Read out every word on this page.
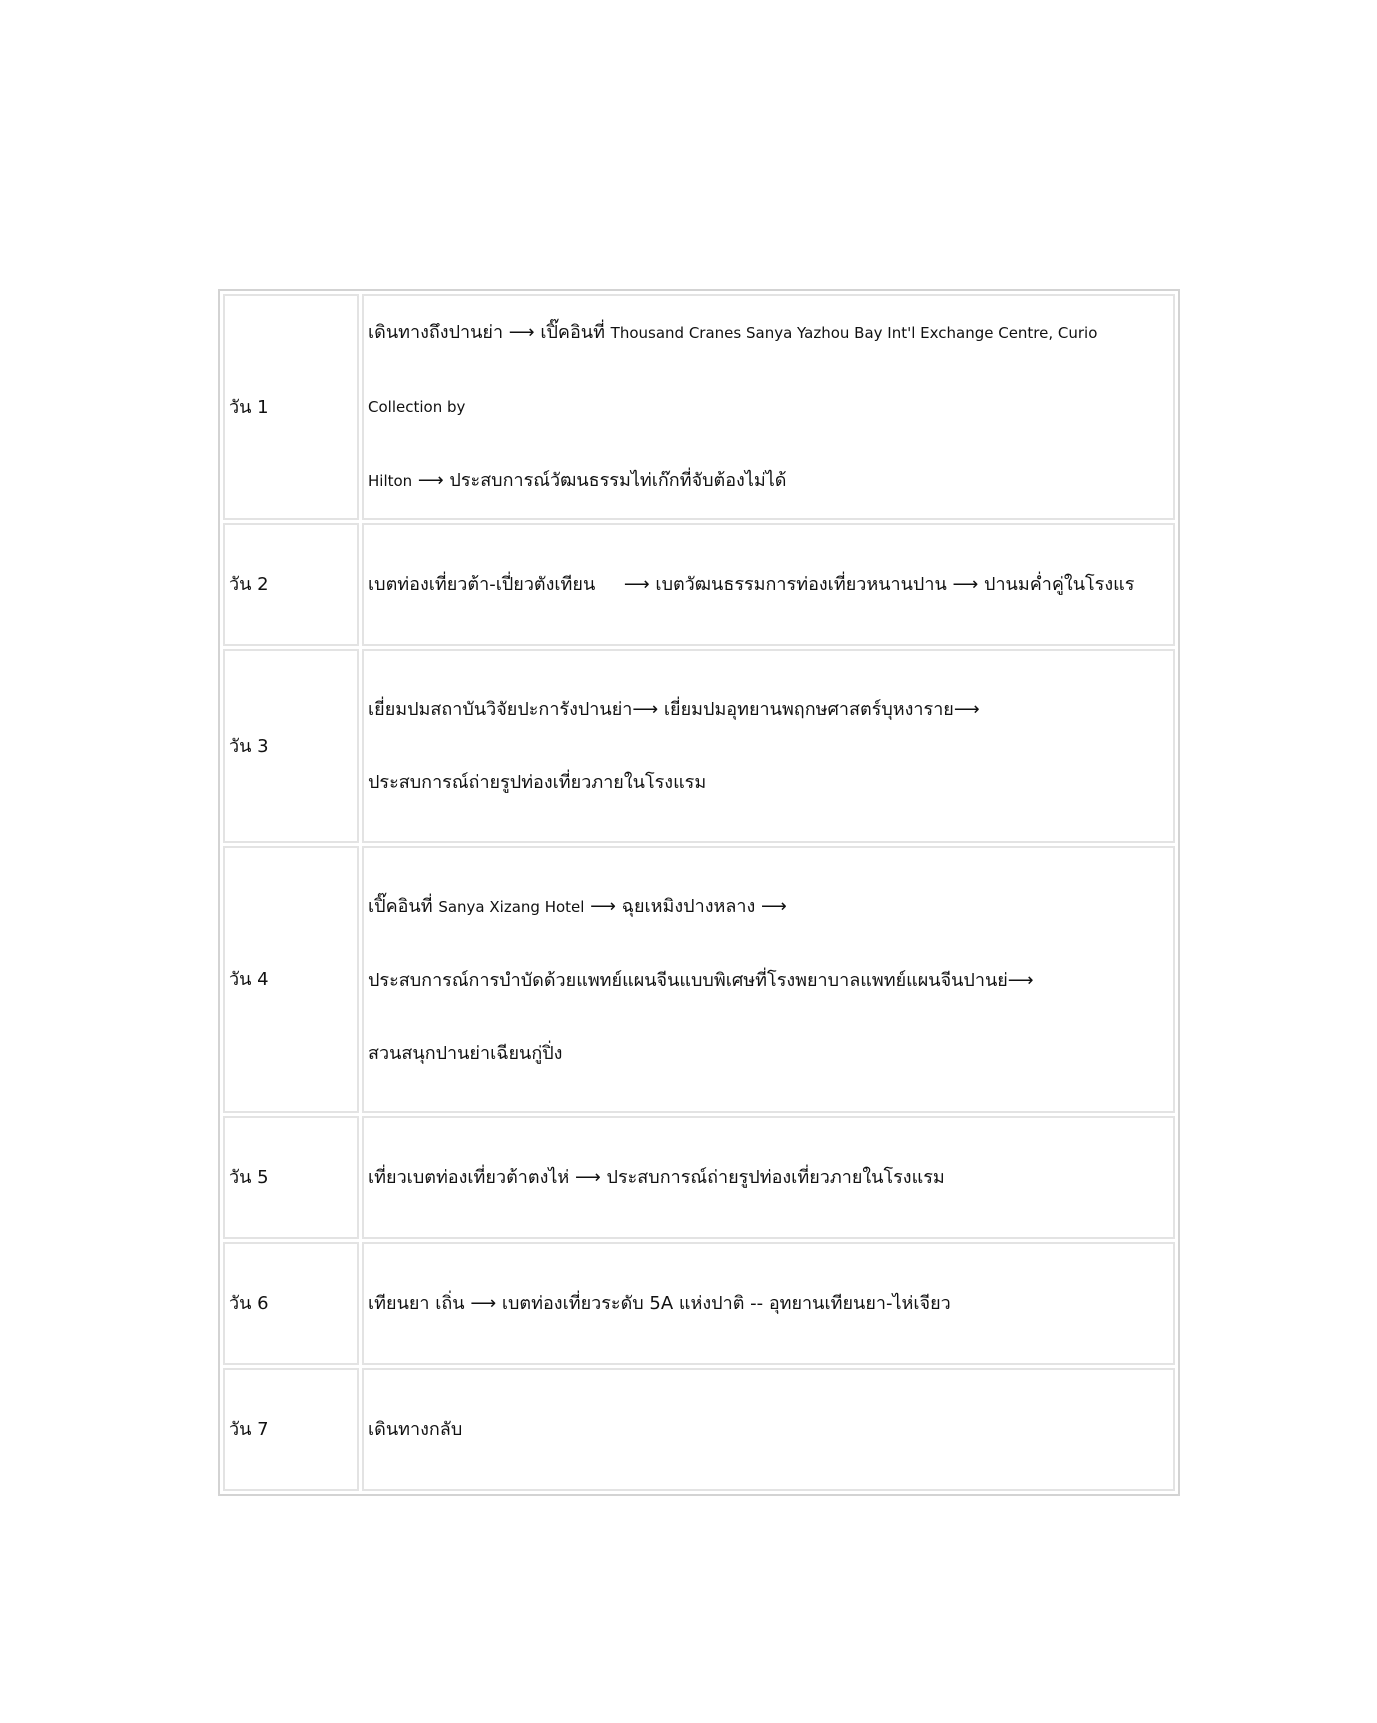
วัน 1	เดินทางถึงปานย่า ⟶ เปิ๊คอินที่ Thousand Cranes Sanya Yazhou Bay Int'l Exchange Centre, Curio Collection by
Hilton ⟶ ประสบการณ์วัฒนธรรมไท่เก๊กที่จับต้องไม่ได้

วัน 2	เบตท่องเที่ยวต้า-เปี่ยวตังเทียน     ⟶ เบตวัฒนธรรมการท่องเที่ยวหนานปาน ⟶ ปานมค่ำคู่ในโรงแร

วัน 3	เยี่ยมปมสถาบันวิจัยปะการังปานย่า⟶ เยี่ยมปมอุทยานพฤกษศาสตร์บุหงาราย⟶
ประสบการณ์ถ่ายรูปท่องเที่ยวภายในโรงแรม

วัน 4	เปิ๊คอินที่ Sanya Xizang Hotel ⟶ ฉุยเหมิงปางหลาง ⟶
ประสบการณ์การบำบัดด้วยแพทย์แผนจีนแบบพิเศษที่โรงพยาบาลแพทย์แผนจีนปานย่⟶
สวนสนุกปานย่าเฉียนกู่ปิ่ง

วัน 5	เที่ยวเบตท่องเที่ยวต้าตงไห่ ⟶ ประสบการณ์ถ่ายรูปท่องเที่ยวภายในโรงแรม

วัน 6	เทียนยา เถิ่น ⟶ เบตท่องเที่ยวระดับ 5A แห่งปาติ -- อุทยานเทียนยา-ไห่เจียว

วัน 7	เดินทางกลับ
